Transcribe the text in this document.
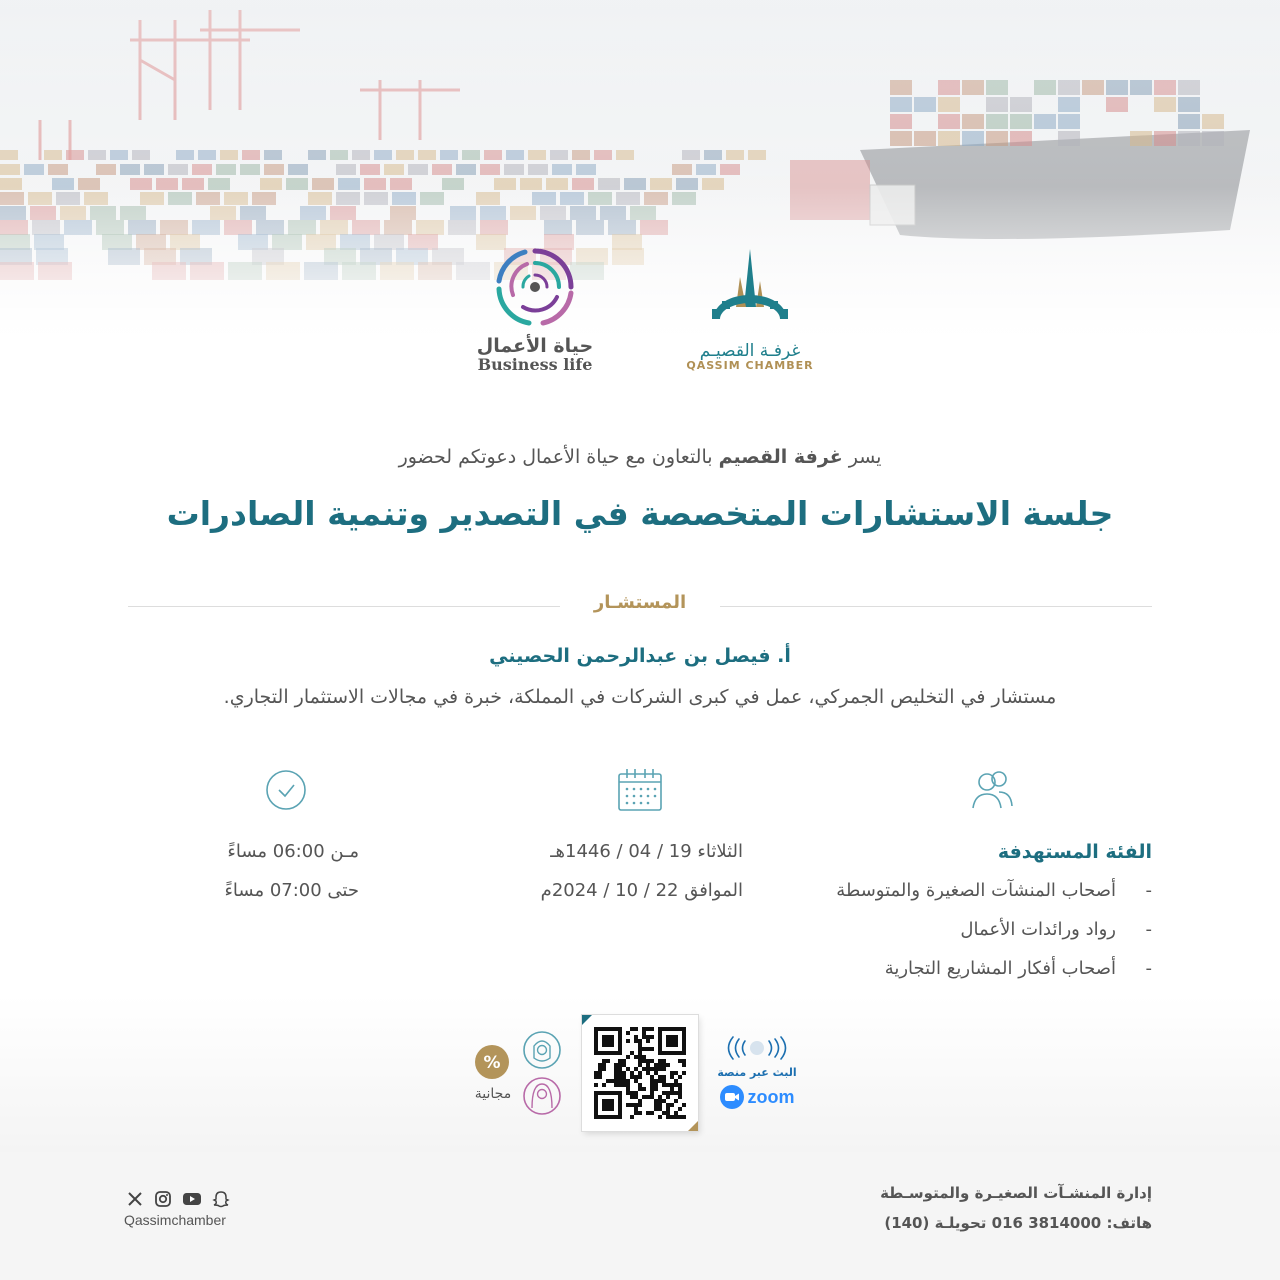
حياة الأعمال
Business life
غرفـة القصيـم
QASSIM CHAMBER
يسر غرفة القصيم بالتعاون مع حياة الأعمال دعوتكم لحضور
جلسة الاستشارات المتخصصة في التصدير وتنمية الصادرات
المستشـار
أ. فيصل بن عبدالرحمن الحصيني
مستشار في التخليص الجمركي، عمل في كبرى الشركات في المملكة، خبرة في مجالات الاستثمار التجاري.
الفئة المستهدفة
- أصحاب المنشآت الصغيرة والمتوسطة
- رواد ورائدات الأعمال
- أصحاب أفكار المشاريع التجارية
الثلاثاء 19 / 04 / 1446هـ
الموافق 22 / 10 / 2024م
مـن 06:00 مساءً
حتى 07:00 مساءً
%
مجانية
البث عبر منصة
zoom
إدارة المنشـآت الصغيـرة والمتوسـطة
هاتف: 3814000 016 تحويلـة (140)
Qassimchamber
